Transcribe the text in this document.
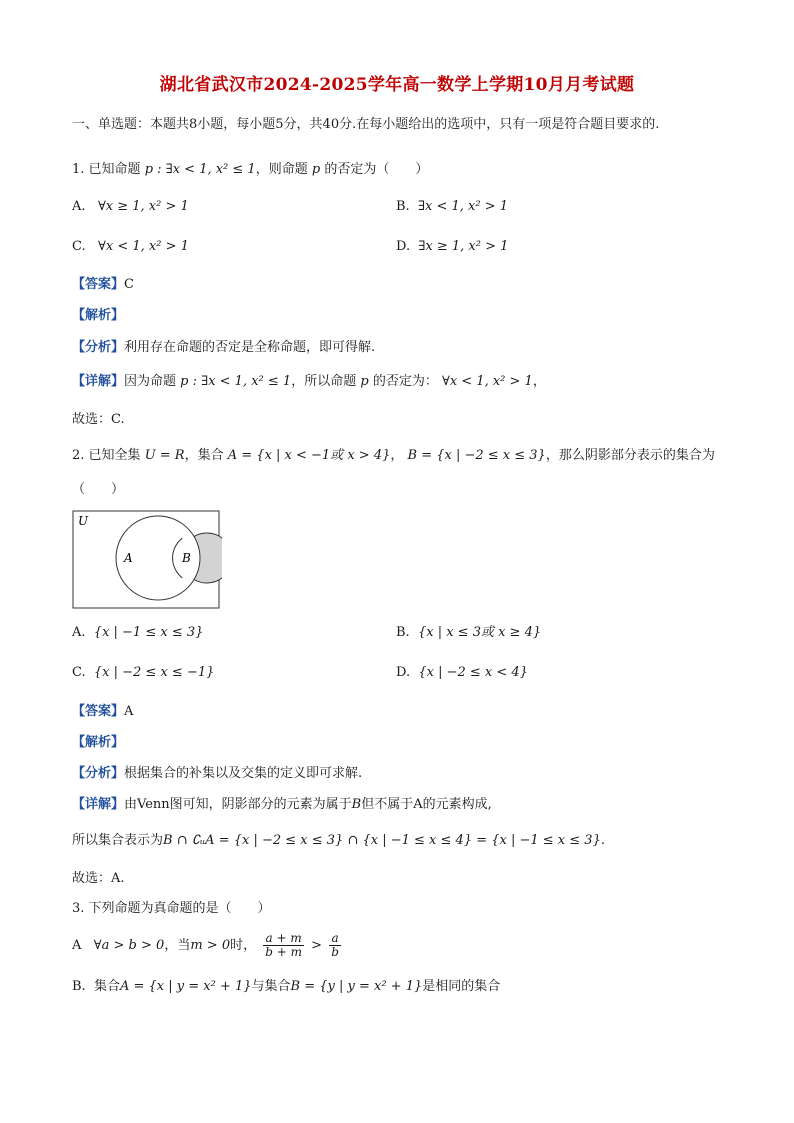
湖北省武汉市2024-2025学年高一数学上学期10月月考试题
一、单选题：本题共8小题，每小题5分，共40分.在每小题给出的选项中，只有一项是符合题目要求的.
1. 已知命题 p : ∃x < 1, x² ≤ 1，则命题 p 的否定为（　　）
A. ∀x ≥ 1, x² > 1	B. ∃x < 1, x² > 1
C. ∀x < 1, x² > 1	D. ∃x ≥ 1, x² > 1
【答案】C
【解析】
【分析】利用存在命题的否定是全称命题，即可得解.
【详解】因为命题 p : ∃x < 1, x² ≤ 1，所以命题 p 的否定为： ∀x < 1, x² > 1，
故选：C.
2. 已知全集 U = R，集合 A = {x | x < −1或 x > 4}， B = {x | −2 ≤ x ≤ 3}，那么阴影部分表示的集合为
（　　）
U
A	B
A. {x | −1 ≤ x ≤ 3}	B. {x | x ≤ 3或 x ≥ 4}
C. {x | −2 ≤ x ≤ −1}	D. {x | −2 ≤ x < 4}
【答案】A
【解析】
【分析】根据集合的补集以及交集的定义即可求解.
【详解】由Venn图可知，阴影部分的元素为属于B但不属于A的元素构成,
所以集合表示为B ∩ ∁ᵤA = {x | −2 ≤ x ≤ 3} ∩ {x | −1 ≤ x ≤ 4} = {x | −1 ≤ x ≤ 3}.
故选：A.
3. 下列命题为真命题的是（　　）
A ∀a > b > 0，当m > 0时， $\frac{a + m}{b + m} > \frac{a}{b}$
B. 集合A = {x | y = x² + 1}与集合B = {y | y = x² + 1}是相同的集合
